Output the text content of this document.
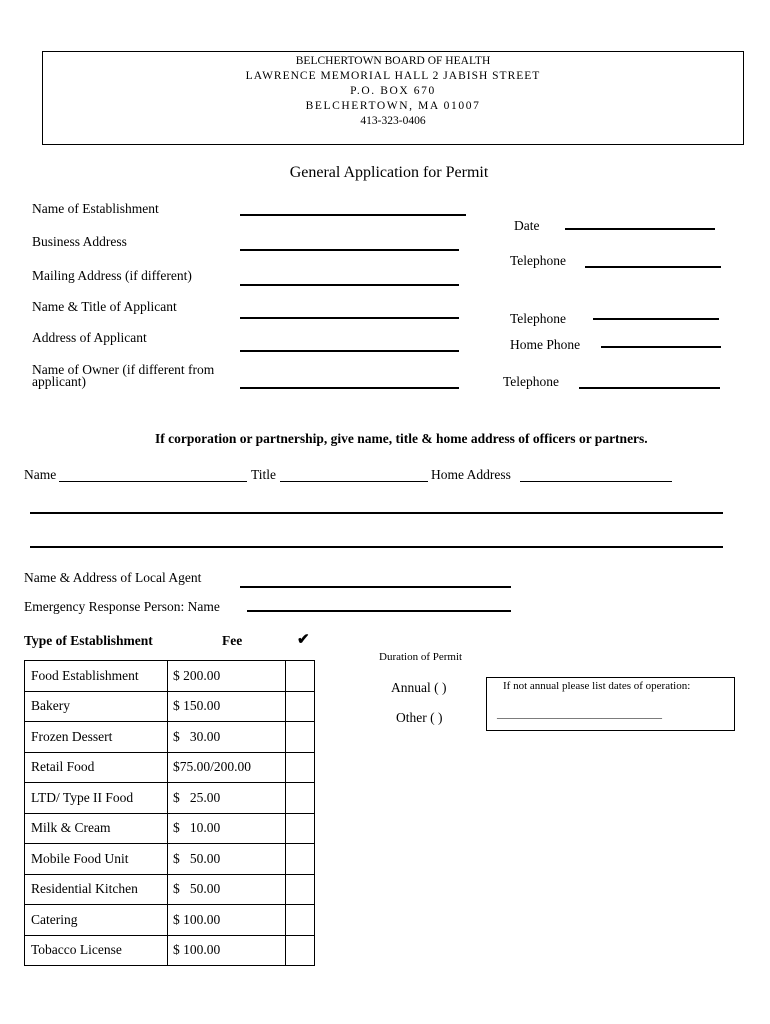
BELCHERTOWN BOARD OF HEALTH
LAWRENCE MEMORIAL HALL 2 JABISH STREET
P.O. BOX 670
BELCHERTOWN, MA 01007
413-323-0406
General Application for Permit
Name of Establishment
Business Address
Mailing Address (if different)
Name & Title of Applicant
Address of Applicant
Name of Owner (if different from
applicant)
Date
Telephone
Telephone
Home Phone
Telephone
If corporation or partnership, give name, title & home address of officers or partners.
Name	Title	Home Address
Name & Address of Local Agent
Emergency Response Person: Name
Type of Establishment	Fee	✔
Food Establishment	$ 200.00	
Bakery	$ 150.00	
Frozen Dessert	$   30.00	
Retail Food	$75.00/200.00	
LTD/ Type II Food	$   25.00	
Milk & Cream	$   10.00	
Mobile Food Unit	$   50.00	
Residential Kitchen	$   50.00	
Catering	$ 100.00	
Tobacco License	$ 100.00	
Duration of Permit
Annual ( )
Other ( )
If not annual please list dates of operation:
______________________________
